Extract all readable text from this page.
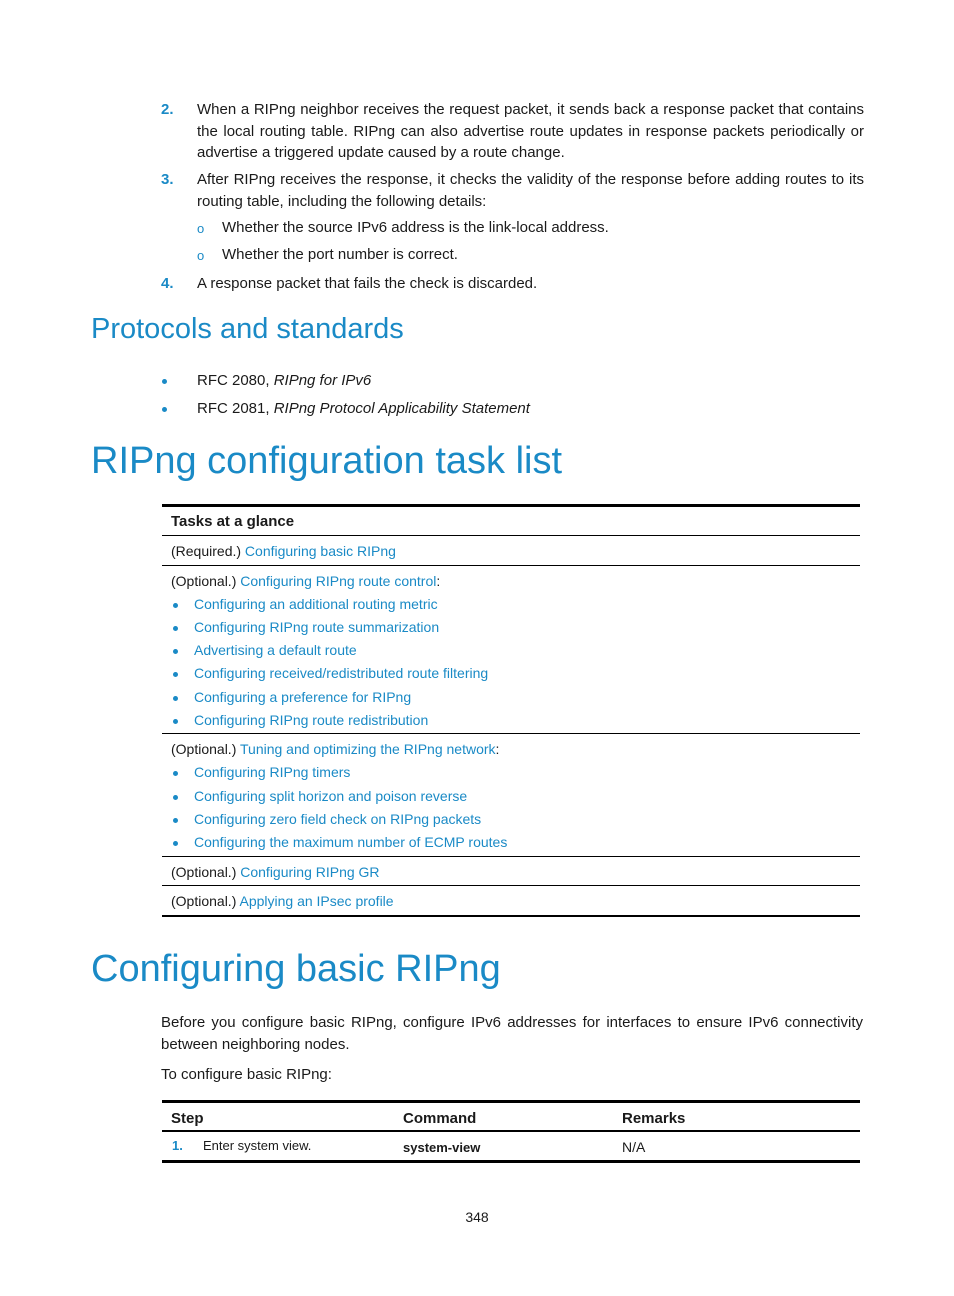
2. When a RIPng neighbor receives the request packet, it sends back a response packet that contains the local routing table. RIPng can also advertise route updates in response packets periodically or advertise a triggered update caused by a route change.
3. After RIPng receives the response, it checks the validity of the response before adding routes to its routing table, including the following details:
o Whether the source IPv6 address is the link-local address.
o Whether the port number is correct.
4. A response packet that fails the check is discarded.
Protocols and standards
RFC 2080, RIPng for IPv6
RFC 2081, RIPng Protocol Applicability Statement
RIPng configuration task list
Tasks at a glance
(Required.) Configuring basic RIPng
(Optional.) Configuring RIPng route control:
Configuring an additional routing metric
Configuring RIPng route summarization
Advertising a default route
Configuring received/redistributed route filtering
Configuring a preference for RIPng
Configuring RIPng route redistribution
(Optional.) Tuning and optimizing the RIPng network:
Configuring RIPng timers
Configuring split horizon and poison reverse
Configuring zero field check on RIPng packets
Configuring the maximum number of ECMP routes
(Optional.) Configuring RIPng GR
(Optional.) Applying an IPsec profile
Configuring basic RIPng
Before you configure basic RIPng, configure IPv6 addresses for interfaces to ensure IPv6 connectivity between neighboring nodes.
To configure basic RIPng:
Step	Command	Remarks
1. Enter system view.	system-view	N/A
348
